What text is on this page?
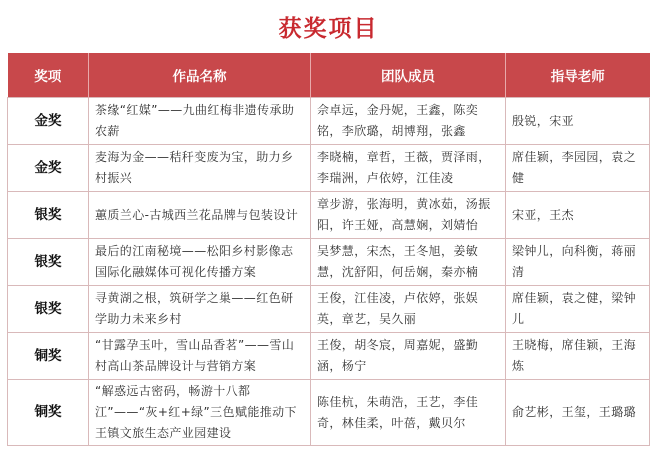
获奖项目
奖项	作品名称	团队成员	指导老师
金奖	茶缘“红媒”——九曲红梅非遗传承助农薪	佘卓远，金丹妮，王鑫，陈奕铭，李欣璐，胡博翔，张鑫	殷锐，宋亚
金奖	麦海为金——秸秆变废为宝，助力乡村振兴	李晓楠，章哲，王薇，贾泽雨，李瑞洲，卢依婷，江佳凌	席佳颖，李园园，袁之健
银奖	蕙质兰心-古城西兰花品牌与包装设计	章步游，张海明，黄冰茹，汤振阳，许王娅，高慧娴，刘婧怡	宋亚，王杰
银奖	最后的江南秘境——松阳乡村影像志国际化融媒体可视化传播方案	吴梦慧，宋杰，王冬旭，姜敏慧，沈舒阳，何岳娴，秦亦楠	梁钟儿，向科衡，蒋丽清
银奖	寻黄湖之根，筑研学之巢——红色研学助力未来乡村	王俊，江佳凌，卢依婷，张娱英，章艺，吴久丽	席佳颖，袁之健，梁钟儿
铜奖	“甘露孕玉叶，雪山品香茗”——雪山村高山茶品牌设计与营销方案	王俊，胡冬宸，周嘉妮，盛勤涵，杨宁	王晓梅，席佳颖，王海炼
铜奖	“解惑远古密码，畅游十八都江”——“灰+红+绿”三色赋能推动下王镇文旅生态产业园建设	陈佳杭，朱萌浩，王艺，李佳奇，林佳柔，叶蓓，戴贝尔	俞艺彬，王玺，王璐璐
